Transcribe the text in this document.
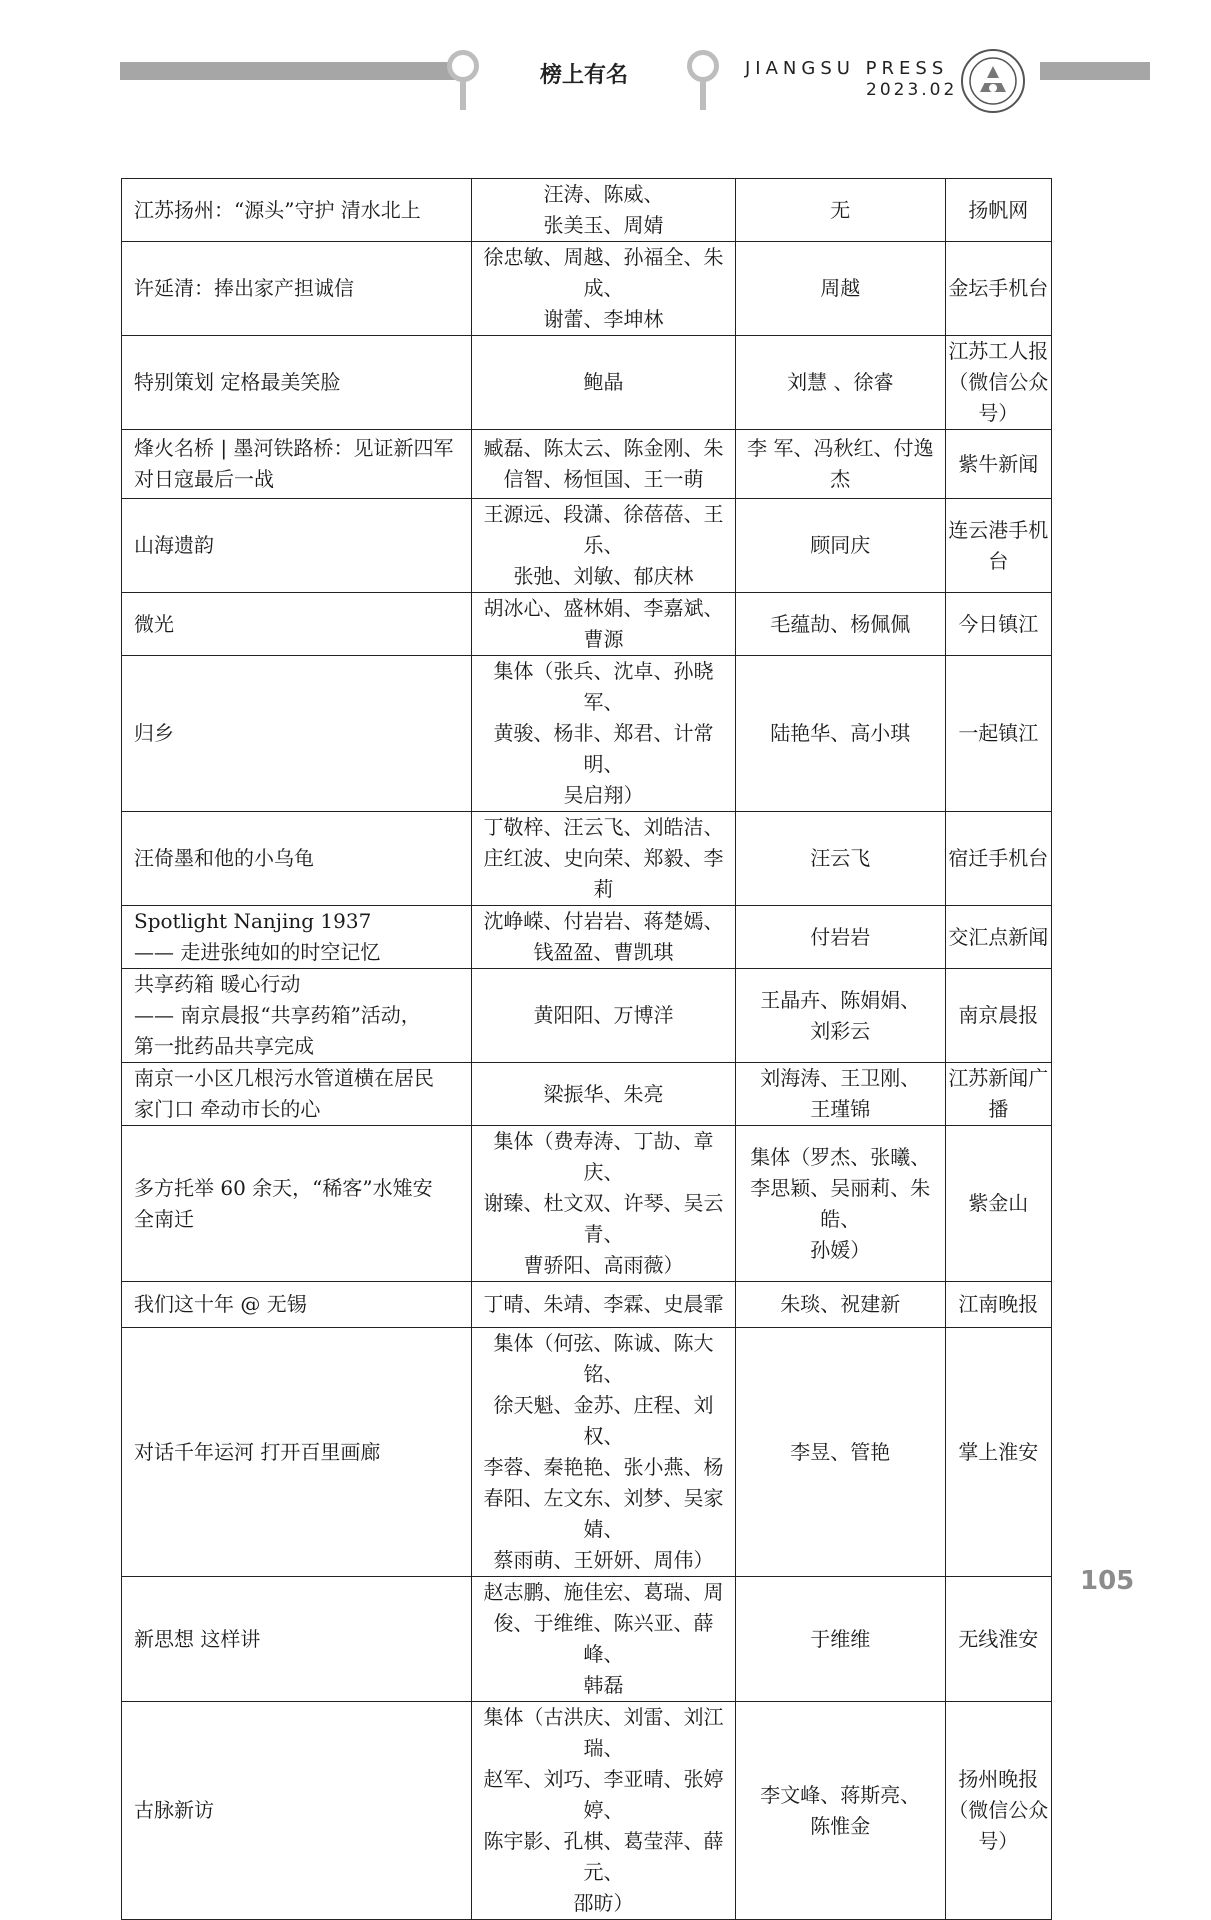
榜上有名	JIANGSU PRESS
2023.02
江苏扬州：“源头”守护 清水北上	汪涛、陈威、
张美玉、周婧	无	扬帆网

许延清：捧出家产担诚信	徐忠敏、周越、孙福全、朱成、
谢蕾、李坤林	周越	金坛手机台

特别策划 定格最美笑脸	鲍晶	刘慧 、徐睿	江苏工人报
（微信公众
号）

烽火名桥 | 墨河铁路桥：见证新四军
对日寇最后一战	臧磊、陈太云、陈金刚、朱
信智、杨恒国、王一萌	李 军、冯秋红、付逸
杰	紫牛新闻

山海遗韵	王源远、段潇、徐蓓蓓、王乐、
张弛、刘敏、郁庆林	顾同庆	连云港手机
台

微光	胡冰心、盛林娟、李嘉斌、
曹源	毛蕴劼、杨佩佩	今日镇江

归乡	集体（张兵、沈卓、孙晓军、
黄骏、杨非、郑君、计常明、
吴启翔）	陆艳华、高小琪	一起镇江

汪倚墨和他的小乌龟	丁敬梓、汪云飞、刘皓洁、
庄红波、史向荣、郑毅、李莉	汪云飞	宿迁手机台

Spotlight Nanjing 1937
—— 走进张纯如的时空记忆	沈峥嵘、付岩岩、蒋楚嫣、
钱盈盈、曹凯琪	付岩岩	交汇点新闻

共享药箱 暖心行动
—— 南京晨报“共享药箱”活动，
第一批药品共享完成	黄阳阳、万博洋	王晶卉、陈娟娟、
刘彩云	南京晨报

南京一小区几根污水管道横在居民
家门口 牵动市长的心	梁振华、朱亮	刘海涛、王卫刚、
王瑾锦	江苏新闻广
播

多方托举 60 余天，“稀客”水雉安
全南迁	集体（费寿涛、丁劼、章庆、
谢臻、杜文双、许琴、吴云青、
曹骄阳、高雨薇）	集体（罗杰、张曦、
李思颖、吴丽莉、朱皓、
孙媛）	紫金山

我们这十年 @ 无锡	丁晴、朱靖、李霖、史晨霏	朱琰、祝建新	江南晚报

对话千年运河 打开百里画廊	集体（何弦、陈诚、陈大铭、
徐天魁、金苏、庄程、刘权、
李蓉、秦艳艳、张小燕、杨
春阳、左文东、刘梦、吴家婧、
蔡雨萌、王妍妍、周伟）	李昱、管艳	掌上淮安

新思想 这样讲	赵志鹏、施佳宏、葛瑞、周
俊、于维维、陈兴亚、薛峰、
韩磊	于维维	无线淮安

古脉新访	集体（古洪庆、刘雷、刘江瑞、
赵军、刘巧、李亚晴、张婷婷、
陈宇影、孔棋、葛莹萍、薛元、
邵昉）	李文峰、蒋斯亮、
陈惟金	扬州晚报
（微信公众
号）
105
